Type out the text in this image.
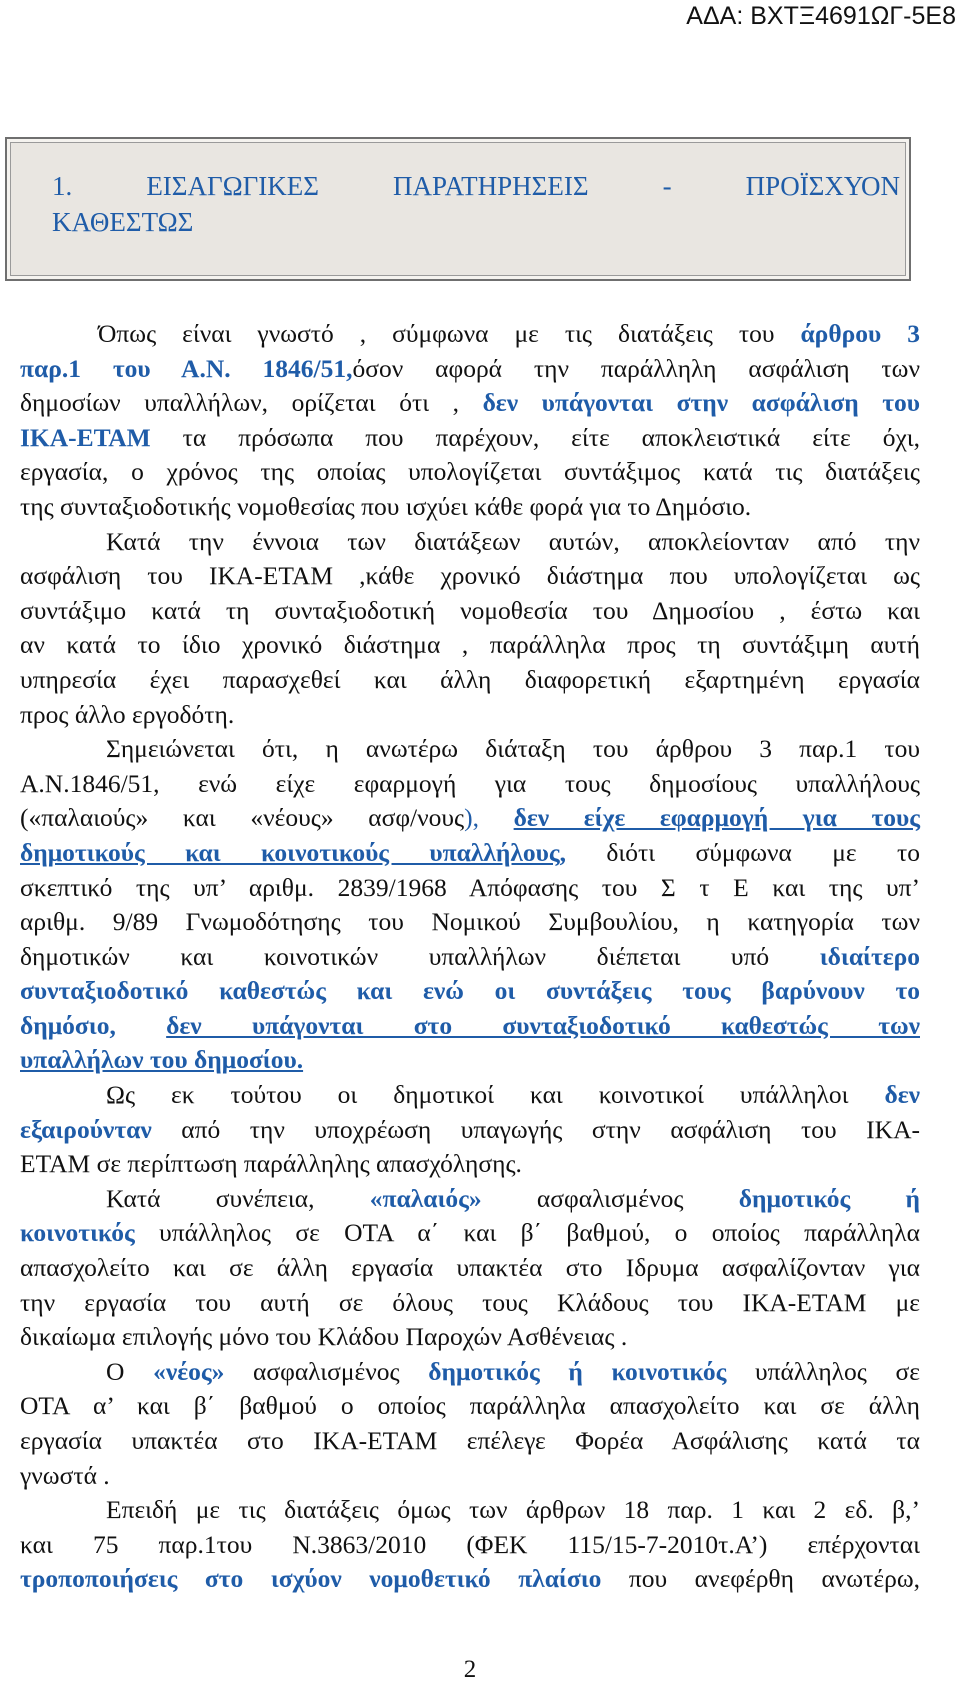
ΑΔΑ: ΒΧΤΞ4691ΩΓ-5Ε8
1. ΕΙΣΑΓΩΓΙΚΕΣ ΠΑΡΑΤΗΡΗΣΕΙΣ - ΠΡΟΪΣΧΥΟΝ
ΚΑΘΕΣΤΩΣ
Όπως είναι γνωστό , σύμφωνα με τις διατάξεις του άρθρου 3
παρ.1 του Α.Ν. 1846/51,όσον αφορά την παράλληλη ασφάλιση των
δημοσίων υπαλλήλων, ορίζεται ότι , δεν υπάγονται στην ασφάλιση του
ΙΚΑ-ΕΤΑΜ τα πρόσωπα που παρέχουν, είτε αποκλειστικά είτε όχι,
εργασία, ο χρόνος της οποίας υπολογίζεται συντάξιμος κατά τις διατάξεις
της συνταξιοδοτικής νομοθεσίας που ισχύει κάθε φορά για το Δημόσιο.
Κατά την έννοια των διατάξεων αυτών, αποκλείονταν από την
ασφάλιση του ΙΚΑ-ΕΤΑΜ ,κάθε χρονικό διάστημα που υπολογίζεται ως
συντάξιμο κατά τη συνταξιοδοτική νομοθεσία του Δημοσίου , έστω και
αν κατά το ίδιο χρονικό διάστημα , παράλληλα προς τη συντάξιμη αυτή
υπηρεσία έχει παρασχεθεί και άλλη διαφορετική εξαρτημένη εργασία
προς άλλο εργοδότη.
Σημειώνεται ότι, η ανωτέρω διάταξη του άρθρου 3 παρ.1 του
Α.Ν.1846/51, ενώ είχε εφαρμογή για τους δημοσίους υπαλλήλους
(«παλαιούς» και «νέους» ασφ/νους), δεν είχε εφαρμογή για τους
δημοτικούς και κοινοτικούς υπαλλήλους, διότι σύμφωνα με το
σκεπτικό της υπ’ αριθμ. 2839/1968 Απόφασης του Σ τ Ε και της υπ’
αριθμ. 9/89 Γνωμοδότησης του Νομικού Συμβουλίου, η κατηγορία των
δημοτικών και κοινοτικών υπαλλήλων διέπεται υπό ιδιαίτερο
συνταξιοδοτικό καθεστώς και ενώ οι συντάξεις τους βαρύνουν το
δημόσιο, δεν υπάγονται στο συνταξιοδοτικό καθεστώς των
υπαλλήλων του δημοσίου.
Ως εκ τούτου οι δημοτικοί και κοινοτικοί υπάλληλοι δεν
εξαιρούνταν από την υποχρέωση υπαγωγής στην ασφάλιση του ΙΚΑ-
ΕΤΑΜ σε περίπτωση παράλληλης απασχόλησης.
Κατά συνέπεια, «παλαιός» ασφαλισμένος δημοτικός ή
κοινοτικός υπάλληλος σε ΟΤΑ α΄ και β΄ βαθμού, ο οποίος παράλληλα
απασχολείτο και σε άλλη εργασία υπακτέα στο Ιδρυμα ασφαλίζονταν για
την εργασία του αυτή σε όλους τους Κλάδους του ΙΚΑ-ΕΤΑΜ με
δικαίωμα επιλογής μόνο του Κλάδου Παροχών Ασθένειας .
Ο «νέος» ασφαλισμένος δημοτικός ή κοινοτικός υπάλληλος σε
ΟΤΑ α’ και β΄ βαθμού ο οποίος παράλληλα απασχολείτο και σε άλλη
εργασία υπακτέα στο ΙΚΑ-ΕΤΑΜ επέλεγε Φορέα Ασφάλισης κατά τα
γνωστά .
Επειδή με τις διατάξεις όμως των άρθρων 18 παρ. 1 και 2 εδ. β,’
και 75 παρ.1του Ν.3863/2010 (ΦΕΚ 115/15-7-2010τ.Α’) επέρχονται
τροποποιήσεις στο ισχύον νομοθετικό πλαίσιο που ανεφέρθη ανωτέρω,
2
